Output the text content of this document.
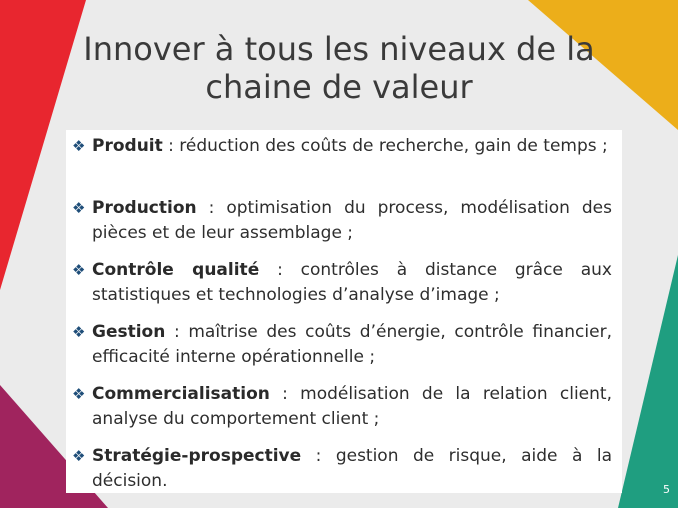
Innover à tous les niveaux de la
chaine de valeur
❖ Produit : réduction des coûts de recherche, gain de temps ;
❖ Production : optimisation du process, modélisation des pièces et de leur assemblage ;
❖ Contrôle qualité : contrôles à distance grâce aux statistiques et technologies d’analyse d’image ;
❖ Gestion : maîtrise des coûts d’énergie, contrôle financier, efficacité interne opérationnelle ;
❖ Commercialisation : modélisation de la relation client, analyse du comportement client ;
❖ Stratégie-prospective : gestion de risque, aide à la décision.	5
